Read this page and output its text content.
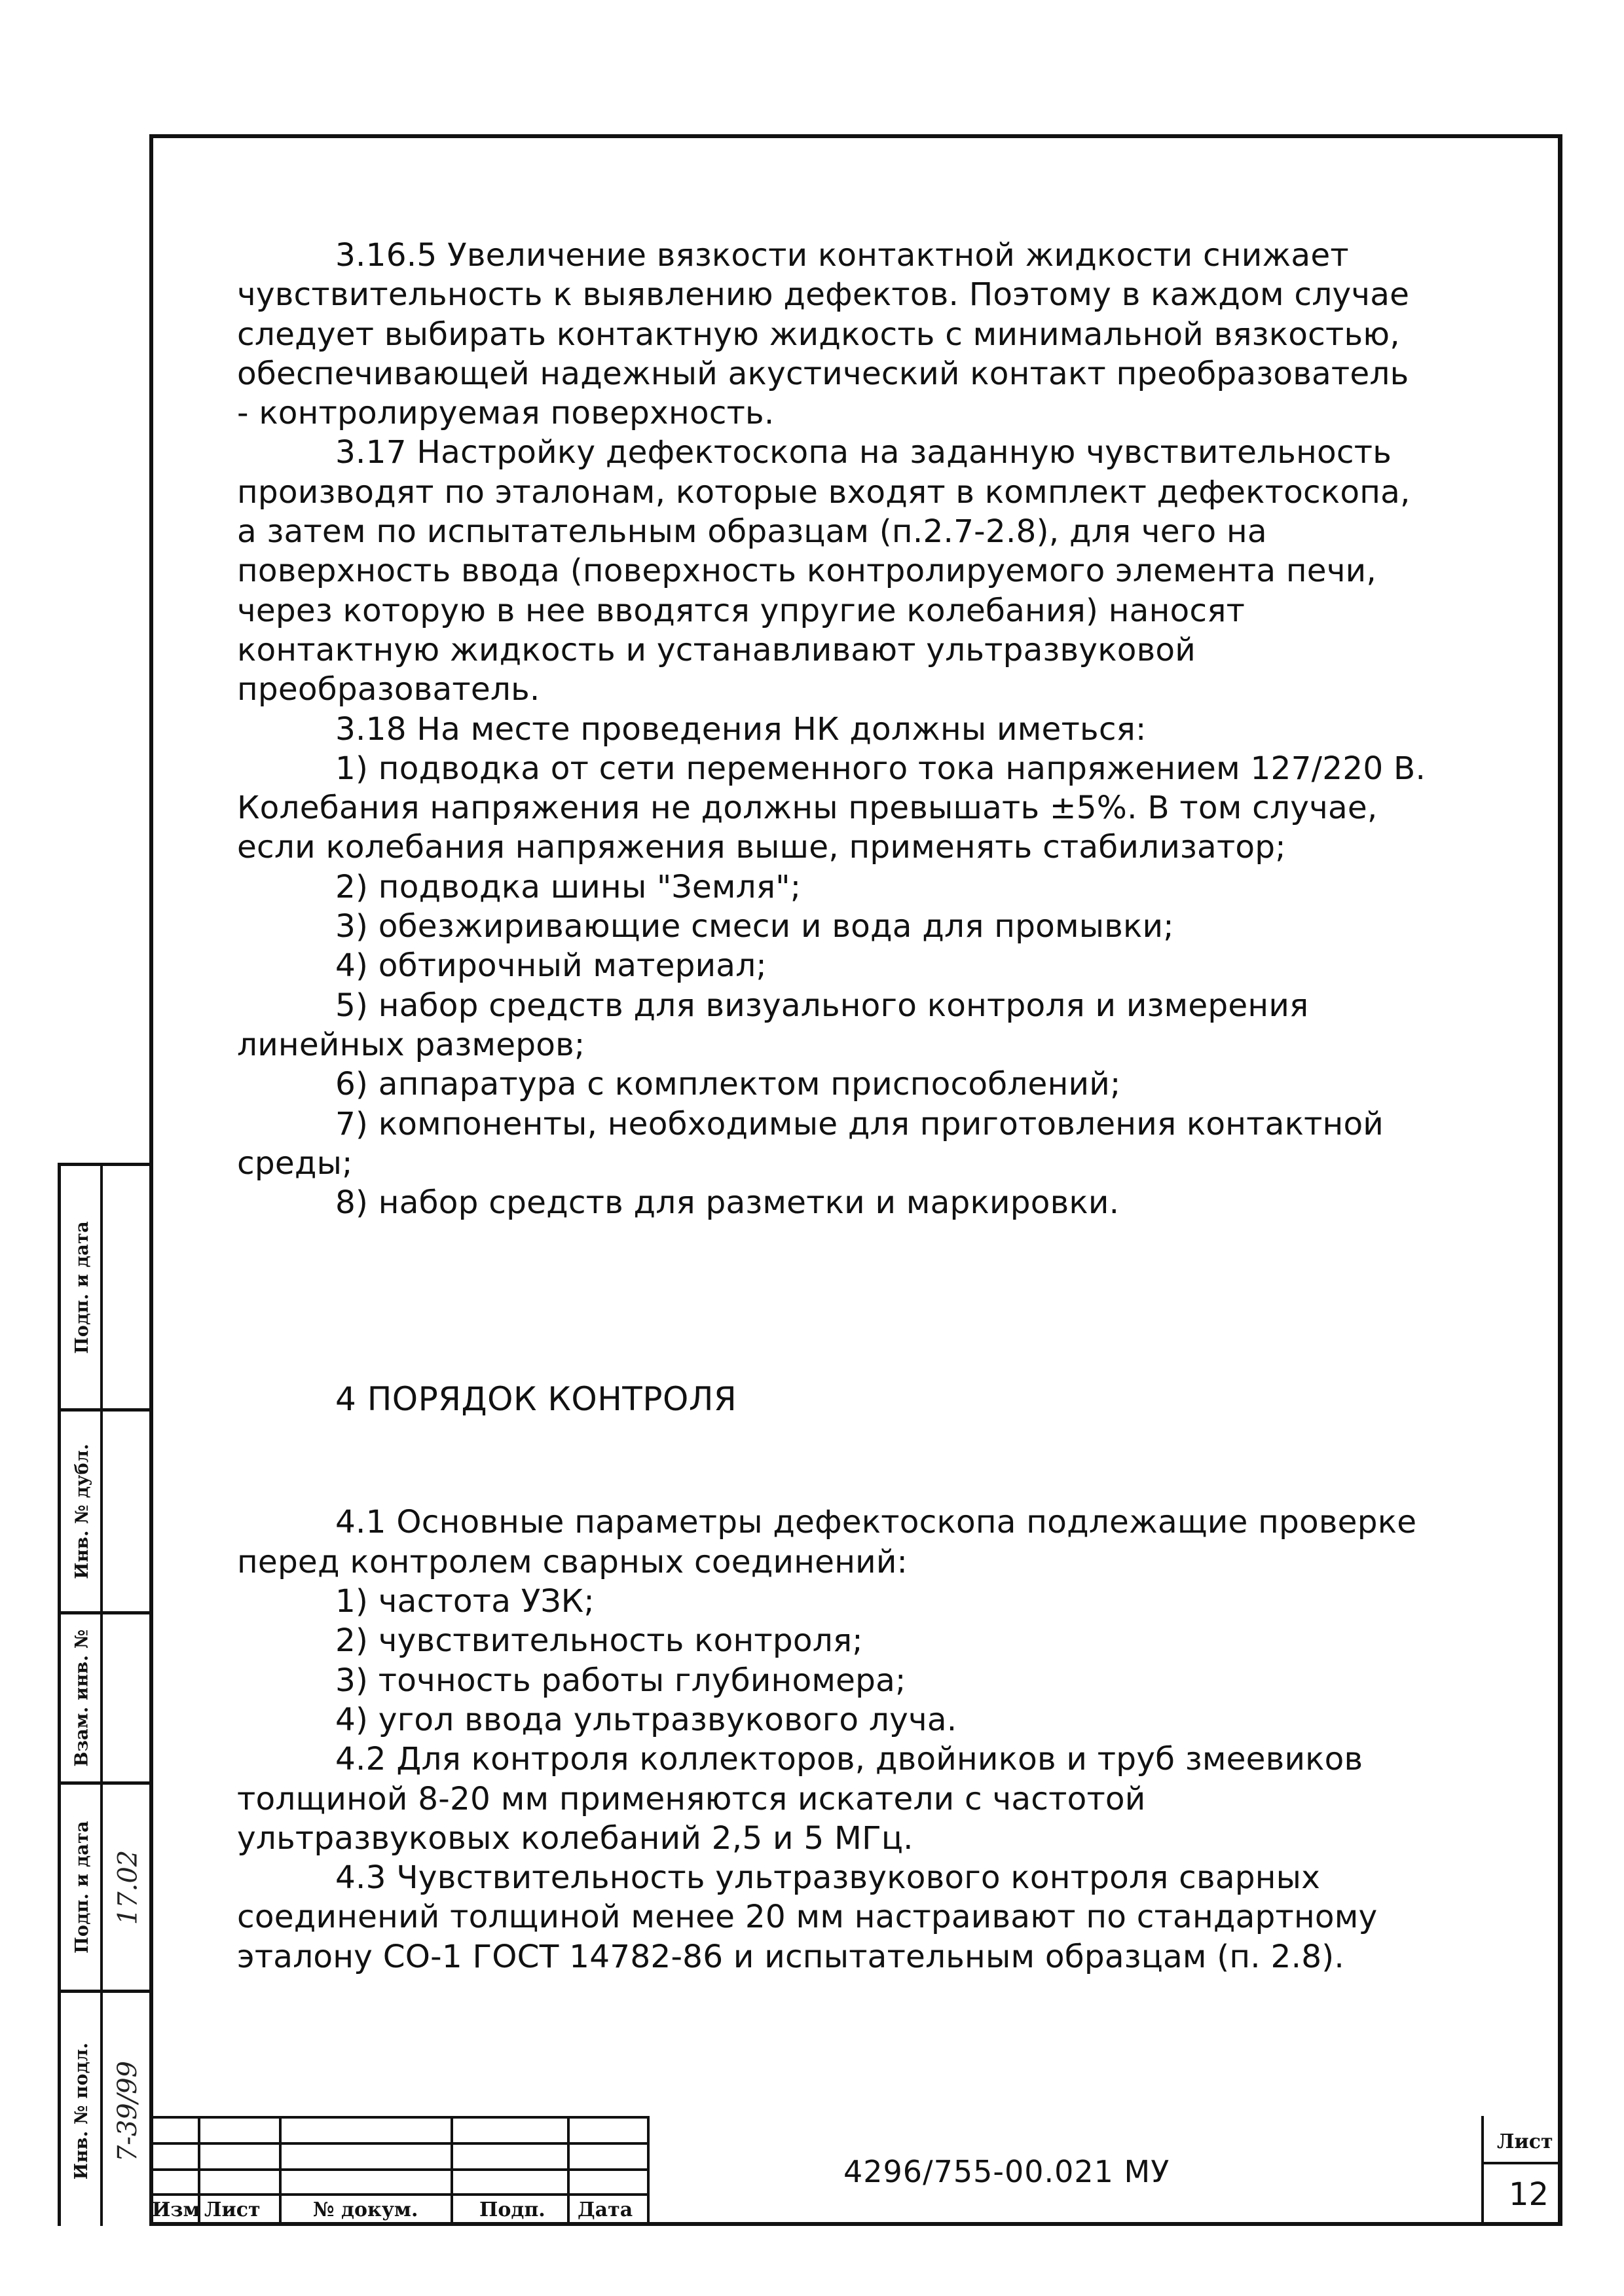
3.16.5 Увеличение вязкости контактной жидкости снижает чувствительность к выявлению дефектов. Поэтому в каждом случае следует выбирать контактную жидкость с минимальной вязкостью, обеспечивающей надежный акустический контакт преобразователь - контролируемая поверхность.

3.17 Настройку дефектоскопа на заданную чувствительность производят по эталонам, которые входят в комплект дефектоскопа, а затем по испытательным образцам (п.2.7-2.8), для чего на поверхность ввода (поверхность контролируемого элемента печи, через которую в нее вводятся упругие колебания) наносят контактную жидкость и устанавливают ультразвуковой преобразователь.

3.18 На месте проведения НК должны иметься:

1) подводка от сети переменного тока напряжением 127/220 В. Колебания напряжения не должны превышать ±5%. В том случае, если колебания напряжения выше, применять стабилизатор;

2) подводка шины "Земля";

3) обезжиривающие смеси и вода для промывки;

4) обтирочный материал;

5) набор средств для визуального контроля и измерения линейных размеров;

6) аппаратура с комплектом приспособлений;

7) компоненты, необходимые для приготовления контактной среды;

8) набор средств для разметки и маркировки.

4 ПОРЯДОК КОНТРОЛЯ

4.1 Основные параметры дефектоскопа подлежащие проверке перед контролем сварных соединений:

1) частота УЗК;

2) чувствительность контроля;

3) точность работы глубиномера;

4) угол ввода ультразвукового луча.

4.2 Для контроля коллекторов, двойников и труб змеевиков толщиной 8-20 мм применяются искатели с частотой ультразвуковых колебаний 2,5 и 5 МГц.

4.3 Чувствительность ультразвукового контроля сварных соединений толщиной менее 20 мм настраивают по стандартному эталону СО-1 ГОСТ 14782-86 и испытательным образцам (п. 2.8).

Подп. и дата
Инв. № дубл.
Взам. инв. №
Подп. и дата
Инв. № подл.
17.02
7-39/99
Изм Лист	№ докум.	Подп. Дата
4296/755-00.021 МУ
Лист
12
